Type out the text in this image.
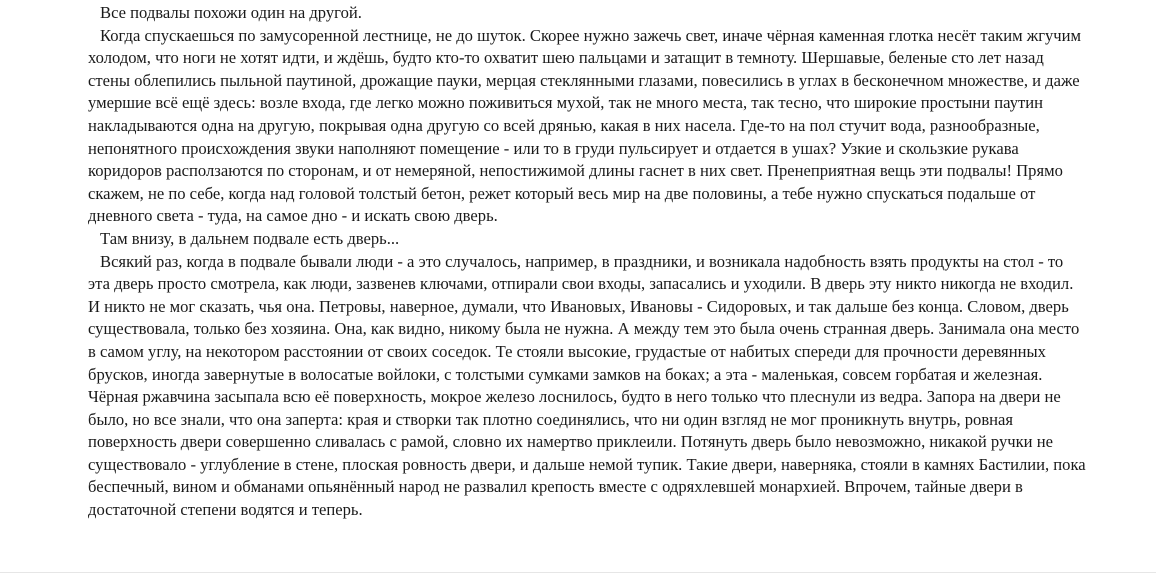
Все подвалы похожи один на другой.

Когда спускаешься по замусоренной лестнице, не до шуток. Скорее нужно зажечь свет, иначе чёрная каменная глотка несёт таким жгучим холодом, что ноги не хотят идти, и ждёшь, будто кто-то охватит шею пальцами и затащит в темноту. Шершавые, беленые сто лет назад стены облепились пыльной паутиной, дрожащие пауки, мерцая стеклянными глазами, повесились в углах в бесконечном множестве, и даже умершие всё ещё здесь: возле входа, где легко можно поживиться мухой, так не много места, так тесно, что широкие простыни паутин накладываются одна на другую, покрывая одна другую со всей дрянью, какая в них насела. Где-то на пол стучит вода, разнообразные, непонятного происхождения звуки наполняют помещение - или то в груди пульсирует и отдается в ушах? Узкие и скользкие рукава коридоров расползаются по сторонам, и от немеряной, непостижимой длины гаснет в них свет. Пренеприятная вещь эти подвалы! Прямо скажем, не по себе, когда над головой толстый бетон, режет который весь мир на две половины, а тебе нужно спускаться подальше от дневного света - туда, на самое дно - и искать свою дверь.

Там внизу, в дальнем подвале есть дверь...

Всякий раз, когда в подвале бывали люди - а это случалось, например, в праздники, и возникала надобность взять продукты на стол - то эта дверь просто смотрела, как люди, зазвенев ключами, отпирали свои входы, запасались и уходили. В дверь эту никто никогда не входил. И никто не мог сказать, чья она. Петровы, наверное, думали, что Ивановых, Ивановы - Сидоровых, и так дальше без конца. Словом, дверь существовала, только без хозяина. Она, как видно, никому была не нужна. А между тем это была очень странная дверь. Занимала она место в самом углу, на некотором расстоянии от своих соседок. Те стояли высокие, грудастые от набитых спереди для прочности деревянных брусков, иногда завернутые в волосатые войлоки, с толстыми сумками замков на боках; а эта - маленькая, совсем горбатая и железная. Чёрная ржавчина засыпала всю её поверхность, мокрое железо лоснилось, будто в него только что плеснули из ведра. Запора на двери не было, но все знали, что она заперта: края и створки так плотно соединялись, что ни один взгляд не мог проникнуть внутрь, ровная поверхность двери совершенно сливалась с рамой, словно их намертво приклеили. Потянуть дверь было невозможно, никакой ручки не существовало - углубление в стене, плоская ровность двери, и дальше немой тупик. Такие двери, наверняка, стояли в камнях Бастилии, пока беспечный, вином и обманами опьянённый народ не развалил крепость вместе с одряхлевшей монархией. Впрочем, тайные двери в достаточной степени водятся и теперь.
